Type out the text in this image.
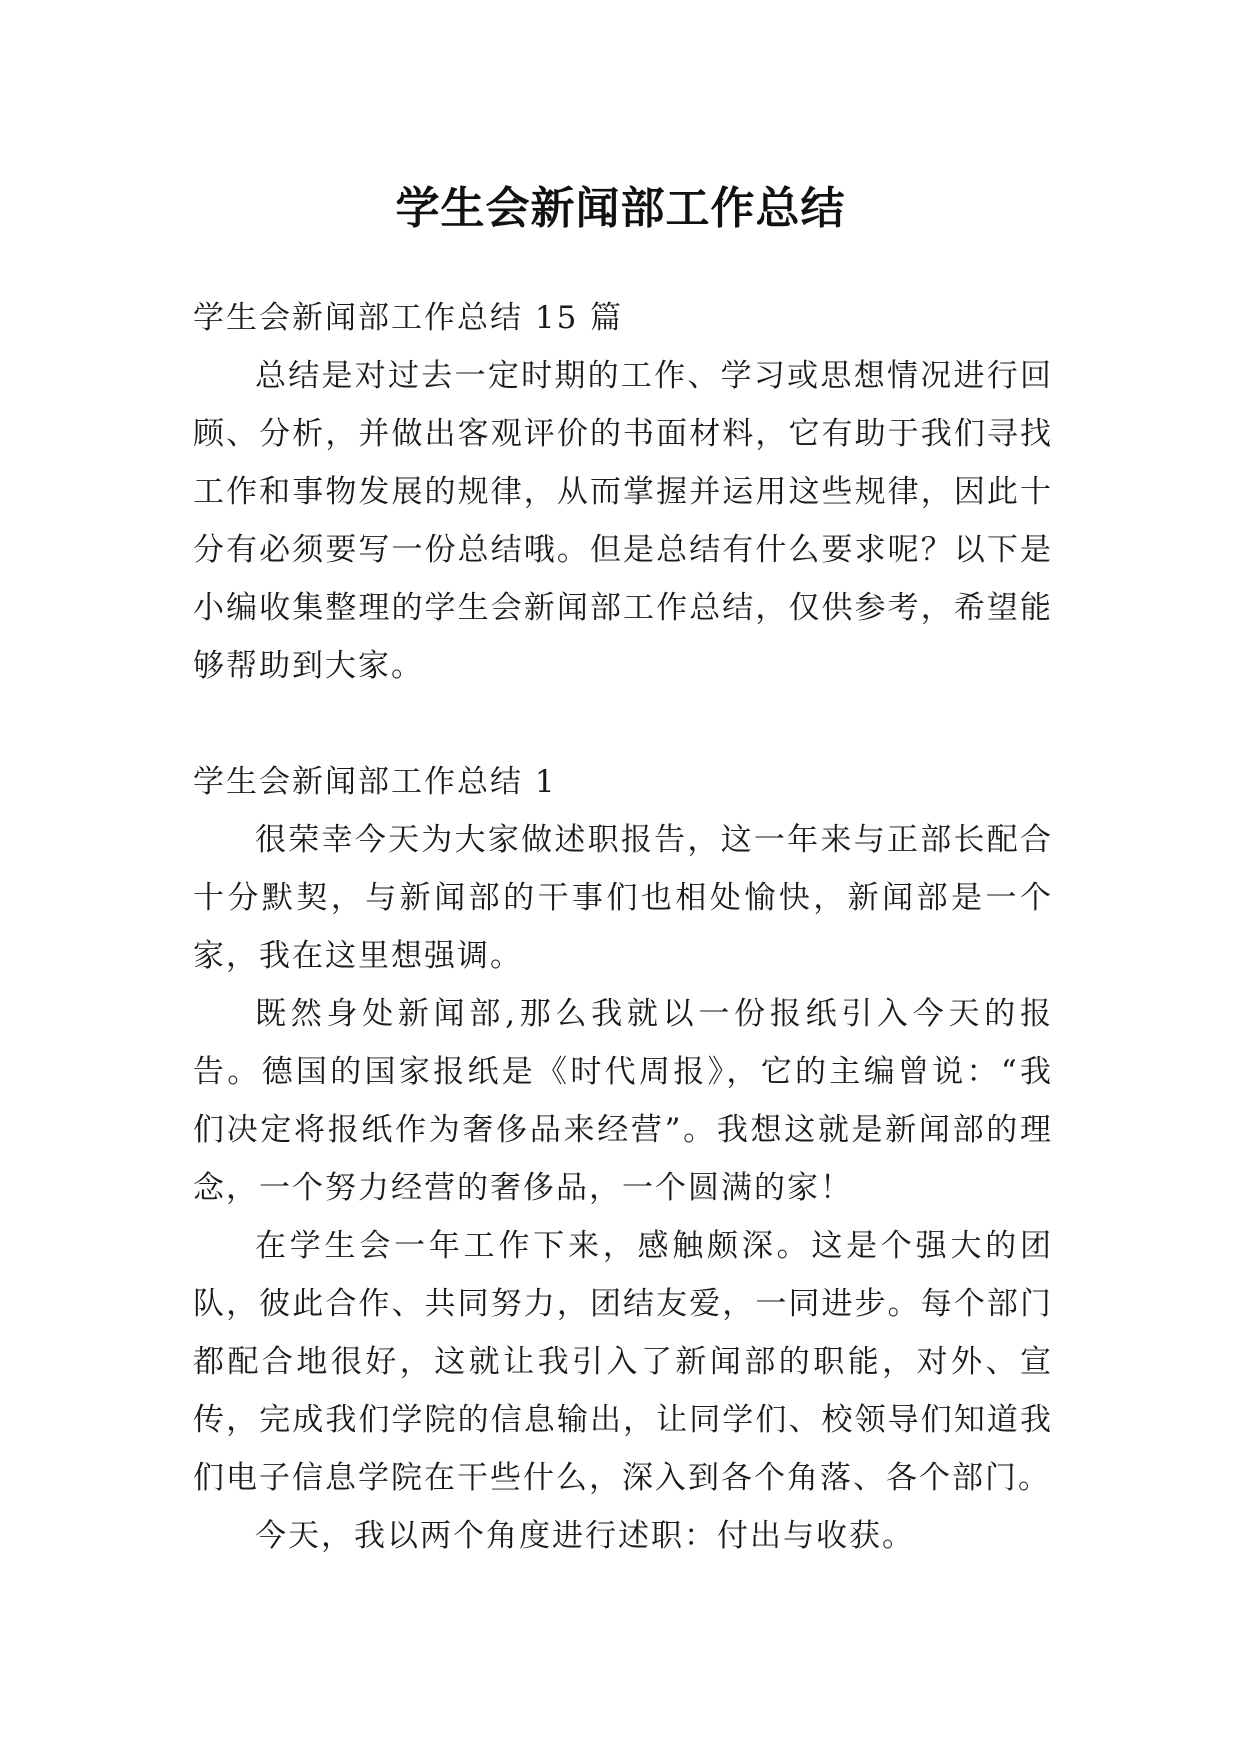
学生会新闻部工作总结

学生会新闻部工作总结 15 篇

总结是对过去一定时期的工作、学习或思想情况进行回顾、分析，并做出客观评价的书面材料，它有助于我们寻找工作和事物发展的规律，从而掌握并运用这些规律，因此十分有必须要写一份总结哦。但是总结有什么要求呢？以下是小编收集整理的学生会新闻部工作总结，仅供参考，希望能够帮助到大家。

学生会新闻部工作总结 1

很荣幸今天为大家做述职报告，这一年来与正部长配合十分默契，与新闻部的干事们也相处愉快，新闻部是一个家，我在这里想强调。

既然身处新闻部,那么我就以一份报纸引入今天的报告。德国的国家报纸是《时代周报》，它的主编曾说：“我们决定将报纸作为奢侈品来经营”。我想这就是新闻部的理念，一个努力经营的奢侈品，一个圆满的家！

在学生会一年工作下来，感触颇深。这是个强大的团队，彼此合作、共同努力，团结友爱，一同进步。每个部门都配合地很好，这就让我引入了新闻部的职能，对外、宣传，完成我们学院的信息输出，让同学们、校领导们知道我们电子信息学院在干些什么，深入到各个角落、各个部门。

今天，我以两个角度进行述职：付出与收获。
